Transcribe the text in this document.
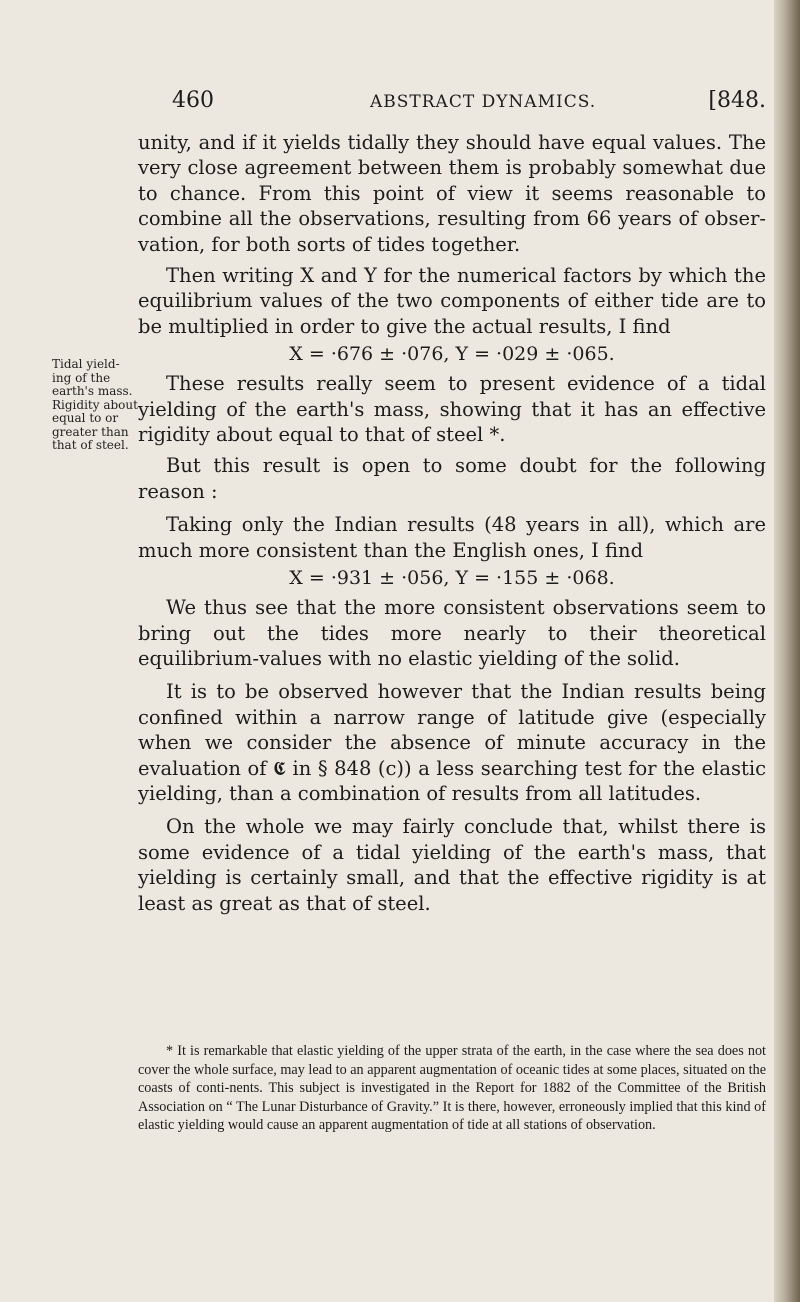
460	ABSTRACT DYNAMICS.	[848.
Tidal yield-ing of the earth's mass. Rigidity about equal to or greater than that of steel.

unity, and if it yields tidally they should have equal values. The very close agreement between them is probably somewhat due to chance. From this point of view it seems reasonable to combine all the observations, resulting from 66 years of obser-vation, for both sorts of tides together.

Then writing X and Y for the numerical factors by which the equilibrium values of the two components of either tide are to be multiplied in order to give the actual results, I find

X = ·676 ± ·076, Y = ·029 ± ·065.

These results really seem to present evidence of a tidal yielding of the earth's mass, showing that it has an effective rigidity about equal to that of steel *.

But this result is open to some doubt for the following reason :

Taking only the Indian results (48 years in all), which are much more consistent than the English ones, I find

X = ·931 ± ·056, Y = ·155 ± ·068.

We thus see that the more consistent observations seem to bring out the tides more nearly to their theoretical equilibrium-values with no elastic yielding of the solid.

It is to be observed however that the Indian results being confined within a narrow range of latitude give (especially when we consider the absence of minute accuracy in the evaluation of 𝕮 in § 848 (c)) a less searching test for the elastic yielding, than a combination of results from all latitudes.

On the whole we may fairly conclude that, whilst there is some evidence of a tidal yielding of the earth's mass, that yielding is certainly small, and that the effective rigidity is at least as great as that of steel.

* It is remarkable that elastic yielding of the upper strata of the earth, in the case where the sea does not cover the whole surface, may lead to an apparent augmentation of oceanic tides at some places, situated on the coasts of conti-nents. This subject is investigated in the Report for 1882 of the Committee of the British Association on “ The Lunar Disturbance of Gravity.” It is there, however, erroneously implied that this kind of elastic yielding would cause an apparent augmentation of tide at all stations of observation.
